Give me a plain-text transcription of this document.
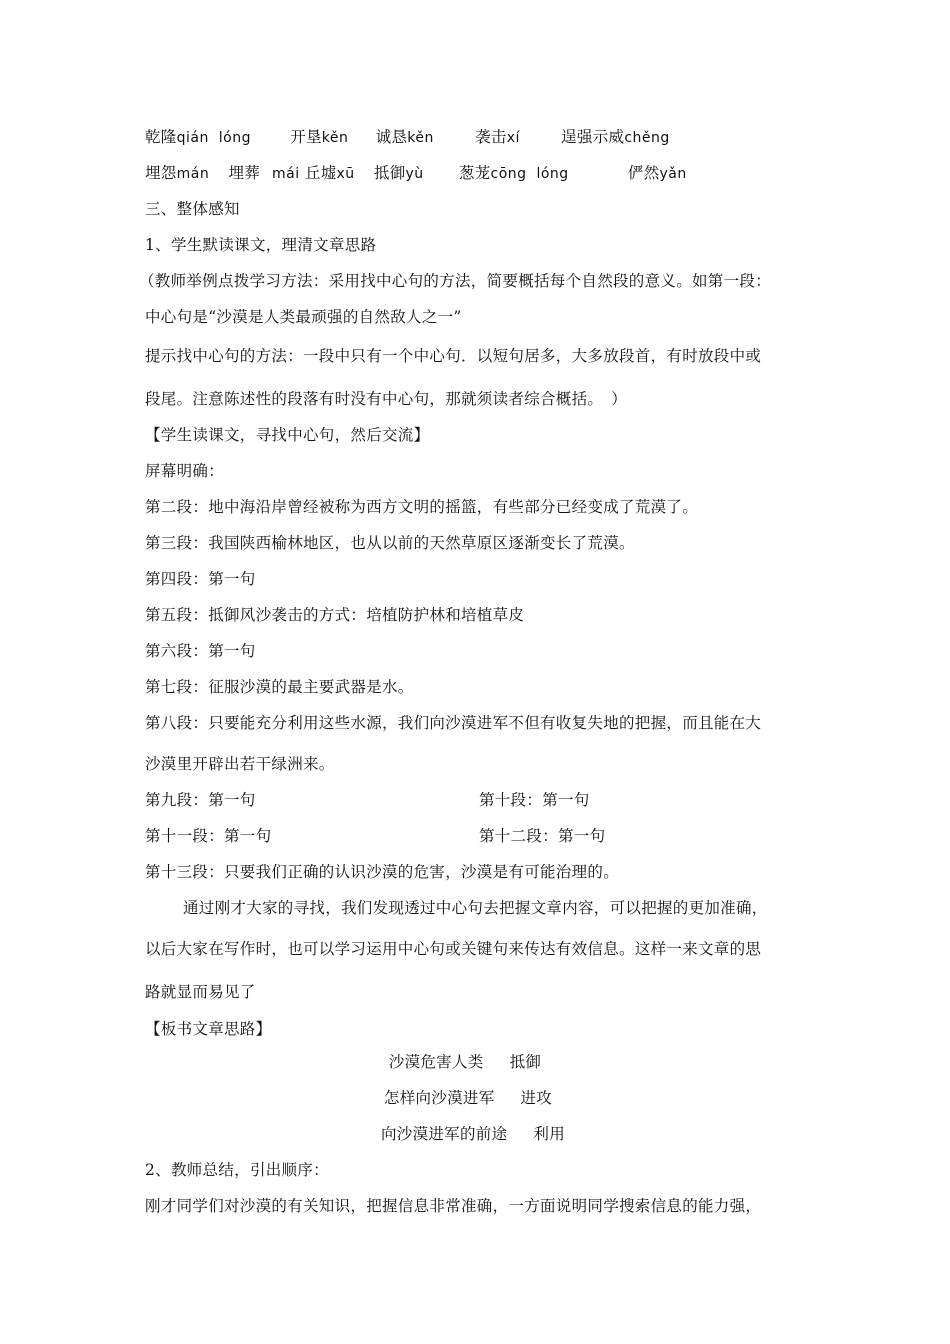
乾隆qián  lóng	开垦kěn 诚恳kěn	袭击xí	逞强示威chěng
埋怨mán 埋葬 mái 丘墟xū 抵御yù 葱茏cōng  lóng	俨然yǎn
三、整体感知
1、学生默读课文，理清文章思路
（教师举例点拨学习方法：采用找中心句的方法，简要概括每个自然段的意义。如第一段：
中心句是“沙漠是人类最顽强的自然敌人之一”
提示找中心句的方法：一段中只有一个中心句．以短句居多，大多放段首，有时放段中或
段尾。注意陈述性的段落有时没有中心句，那就须读者综合概括。　）
【学生读课文，寻找中心句，然后交流】
屏幕明确：
第二段：地中海沿岸曾经被称为西方文明的摇篮，有些部分已经变成了荒漠了。
第三段：我国陕西榆林地区，也从以前的天然草原区逐渐变长了荒漠。
第四段：第一句
第五段：抵御风沙袭击的方式：培植防护林和培植草皮
第六段：第一句
第七段：征服沙漠的最主要武器是水。
第八段：只要能充分利用这些水源，我们向沙漠进军不但有收复失地的把握，而且能在大
沙漠里开辟出若干绿洲来。
第九段：第一句	第十段：第一句
第十一段：第一句	第十二段：第一句
第十三段：只要我们正确的认识沙漠的危害，沙漠是有可能治理的。
通过刚才大家的寻找，我们发现透过中心句去把握文章内容，可以把握的更加准确，
以后大家在写作时，也可以学习运用中心句或关键句来传达有效信息。这样一来文章的思
路就显而易见了
【板书文章思路】
沙漠危害人类 抵御
怎样向沙漠进军 进攻
向沙漠进军的前途 利用
2、教师总结，引出顺序：
刚才同学们对沙漠的有关知识，把握信息非常准确，一方面说明同学搜索信息的能力强，
